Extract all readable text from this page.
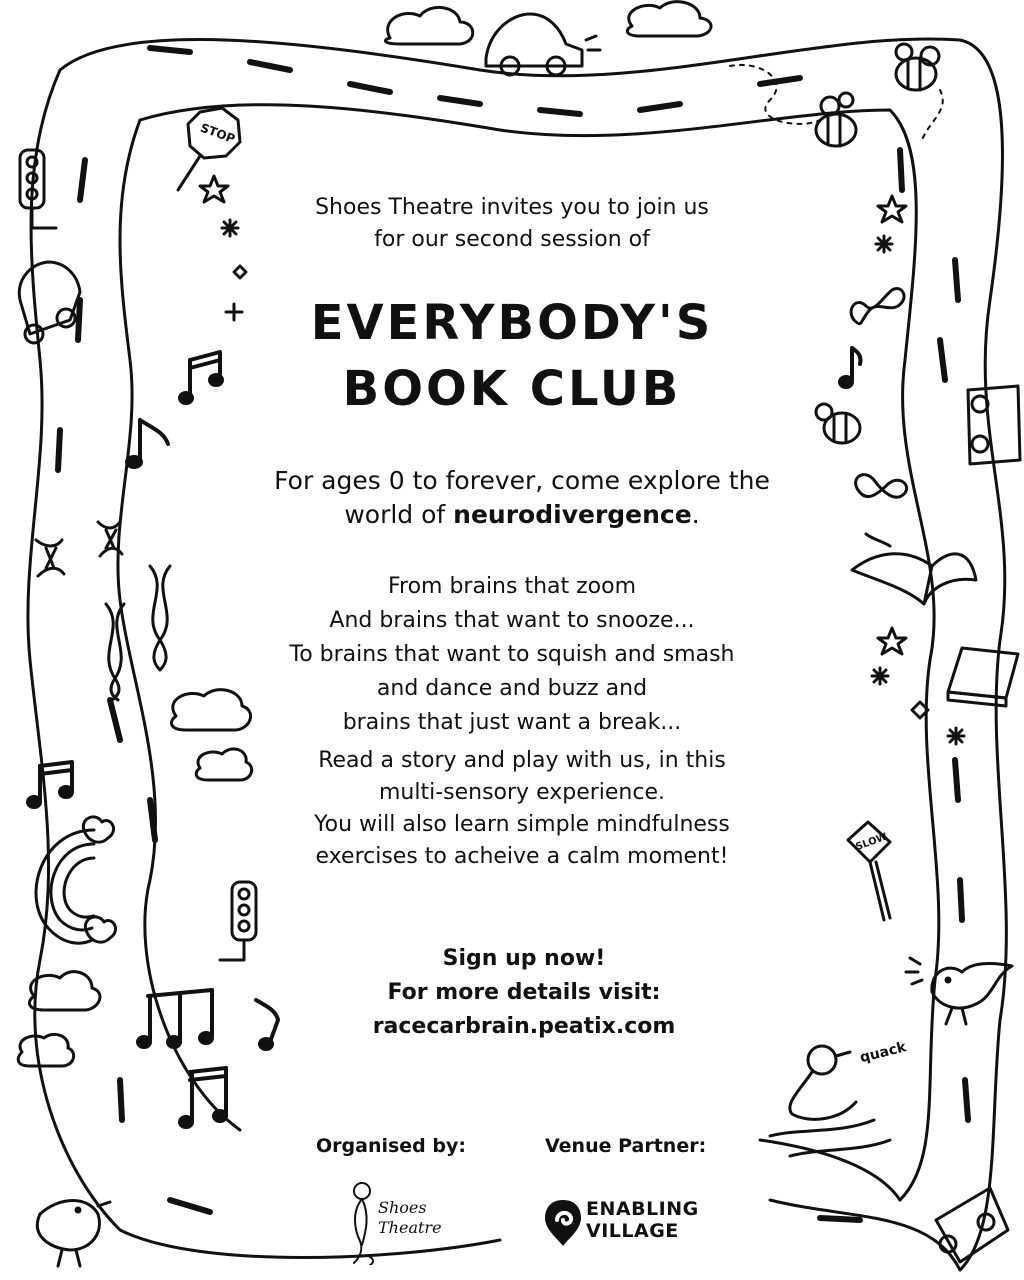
STOP
SLOW
quack

Shoes Theatre invites you to join us

for our second session of

EVERYBODY'S

BOOK CLUB

For ages 0 to forever, come explore the

world of neurodivergence.

From brains that zoom

And brains that want to snooze...

To brains that want to squish and smash

and dance and buzz and

brains that just want a break...

Read a story and play with us, in this

multi-sensory experience.

You will also learn simple mindfulness

exercises to acheive a calm moment!

Sign up now!

For more details visit:

racecarbrain.peatix.com

Organised by:	Venue Partner:
Shoes
Theatre
ENABLING
VILLAGE
